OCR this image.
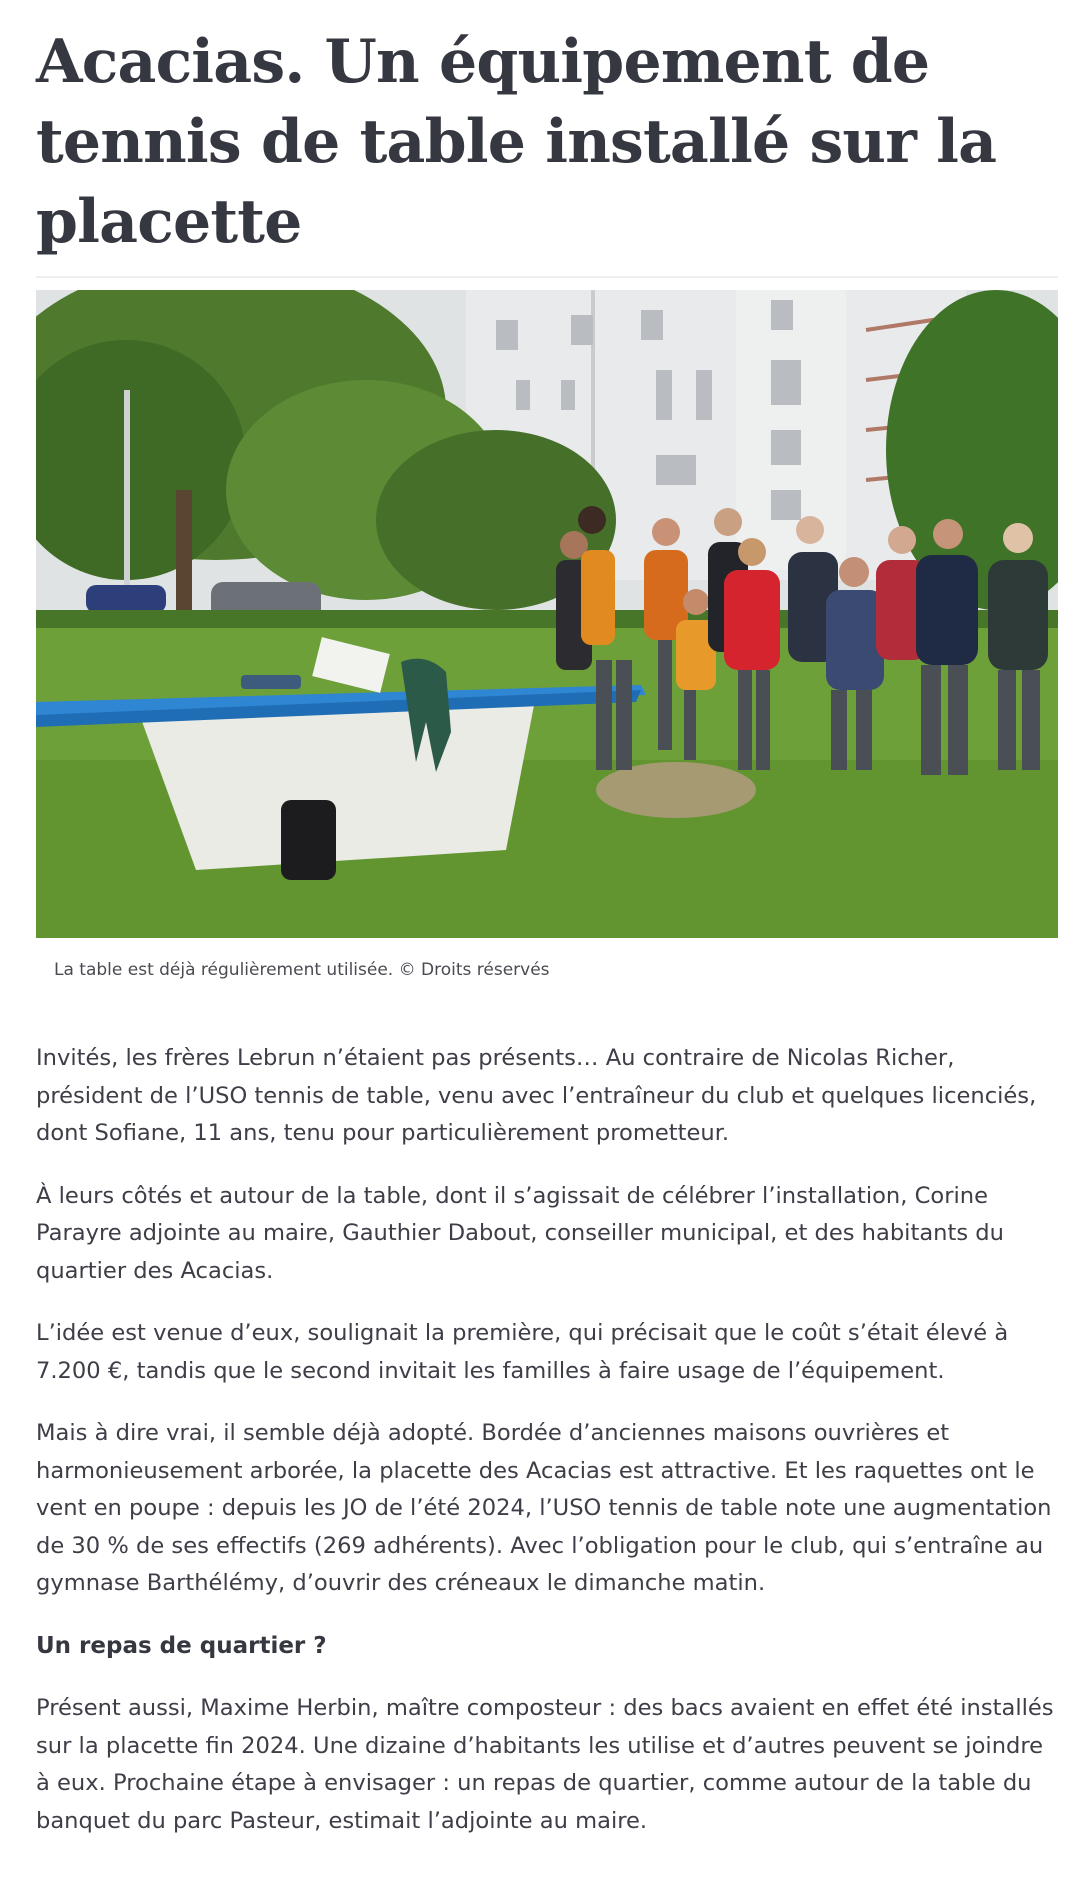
Acacias. Un équipement de tennis de table installé sur la placette
La table est déjà régulièrement utilisée. © Droits réservés

Invités, les frères Lebrun n’étaient pas présents… Au contraire de Nicolas Richer, président de l’USO tennis de table, venu avec l’entraîneur du club et quelques licenciés, dont Sofiane, 11 ans, tenu pour particulièrement prometteur.

À leurs côtés et autour de la table, dont il s’agissait de célébrer l’installation, Corine Parayre adjointe au maire, Gauthier Dabout, conseiller municipal, et des habitants du quartier des Acacias.

L’idée est venue d’eux, soulignait la première, qui précisait que le coût s’était élevé à 7.200 €, tandis que le second invitait les familles à faire usage de l’équipement.

Mais à dire vrai, il semble déjà adopté. Bordée d’anciennes maisons ouvrières et harmonieusement arborée, la placette des Acacias est attractive. Et les raquettes ont le vent en poupe : depuis les JO de l’été 2024, l’USO tennis de table note une augmentation de 30 % de ses effectifs (269 adhérents). Avec l’obligation pour le club, qui s’entraîne au gymnase Barthélémy, d’ouvrir des créneaux le dimanche matin.

Un repas de quartier ?

Présent aussi, Maxime Herbin, maître composteur : des bacs avaient en effet été installés sur la placette fin 2024. Une dizaine d’habitants les utilise et d’autres peuvent se joindre à eux. Prochaine étape à envisager : un repas de quartier, comme autour de la table du banquet du parc Pasteur, estimait l’adjointe au maire.
